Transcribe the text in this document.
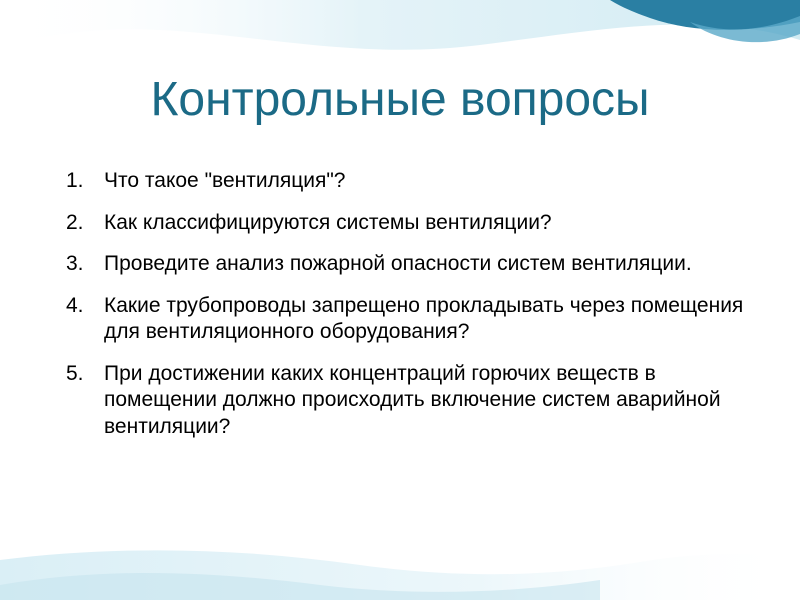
Контрольные вопросы
1. Что такое "вентиляция"?
2. Как классифицируются системы вентиляции?
3. Проведите анализ пожарной опасности систем вентиляции.
4. Какие трубопроводы запрещено прокладывать через помещения для вентиляционного оборудования?
5. При достижении каких концентраций горючих веществ в помещении должно происходить включение систем аварийной вентиляции?
